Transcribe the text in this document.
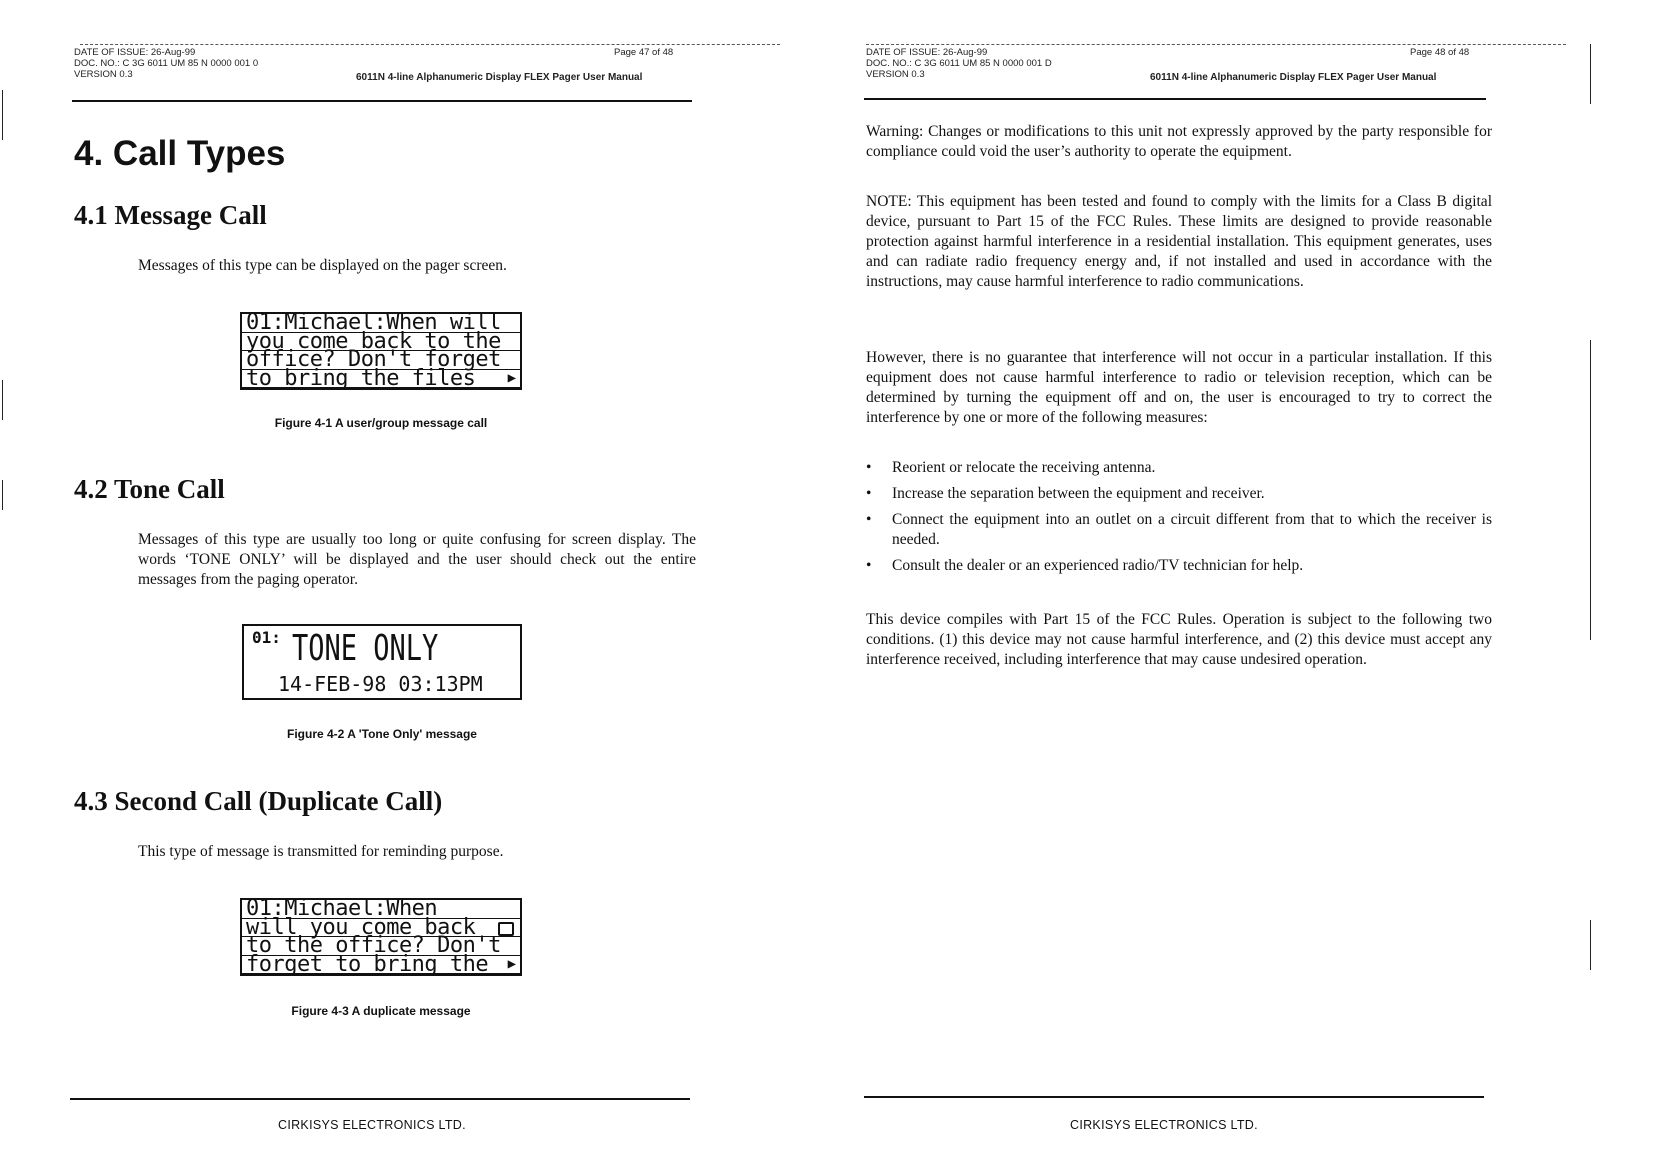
DATE OF ISSUE: 26-Aug-99
DOC. NO.: C 3G 6011 UM 85 N 0000 001 0
VERSION 0.3
Page 47 of 48
6011N 4-line Alphanumeric Display FLEX Pager User Manual
4. Call Types
4.1 Message Call
Messages of this type can be displayed on the pager screen.
01:Michael:When will
you come back to the
office? Don't forget
to bring the files ▶
Figure 4-1 A user/group message call
4.2 Tone Call
Messages of this type are usually too long or quite confusing for screen display. The words ‘TONE ONLY’ will be displayed and the user should check out the entire messages from the paging operator.
01: TONE ONLY
14-FEB-98 03:13PM
Figure 4-2 A 'Tone Only' message
4.3 Second Call (Duplicate Call)
This type of message is transmitted for reminding purpose.
01:Michael:When
will you come back
to the office? Don't
forget to bring the	▶
Figure 4-3 A duplicate message
CIRKISYS ELECTRONICS LTD.
DATE OF ISSUE: 26-Aug-99
DOC. NO.: C 3G 6011 UM 85 N 0000 001 D
VERSION 0.3
Page 48 of 48
6011N 4-line Alphanumeric Display FLEX Pager User Manual
Warning: Changes or modifications to this unit not expressly approved by the party responsible for compliance could void the user’s authority to operate the equipment.
NOTE: This equipment has been tested and found to comply with the limits for a Class B digital device, pursuant to Part 15 of the FCC Rules. These limits are designed to provide reasonable protection against harmful interference in a residential installation. This equipment generates, uses and can radiate radio frequency energy and, if not installed and used in accordance with the instructions, may cause harmful interference to radio communications.
However, there is no guarantee that interference will not occur in a particular installation. If this equipment does not cause harmful interference to radio or television reception, which can be determined by turning the equipment off and on, the user is encouraged to try to correct the interference by one or more of the following measures:
• Reorient or relocate the receiving antenna.
• Increase the separation between the equipment and receiver.
• Connect the equipment into an outlet on a circuit different from that to which the receiver is needed.
• Consult the dealer or an experienced radio/TV technician for help.
This device compiles with Part 15 of the FCC Rules. Operation is subject to the following two conditions. (1) this device may not cause harmful interference, and (2) this device must accept any interference received, including interference that may cause undesired operation.
CIRKISYS ELECTRONICS LTD.
